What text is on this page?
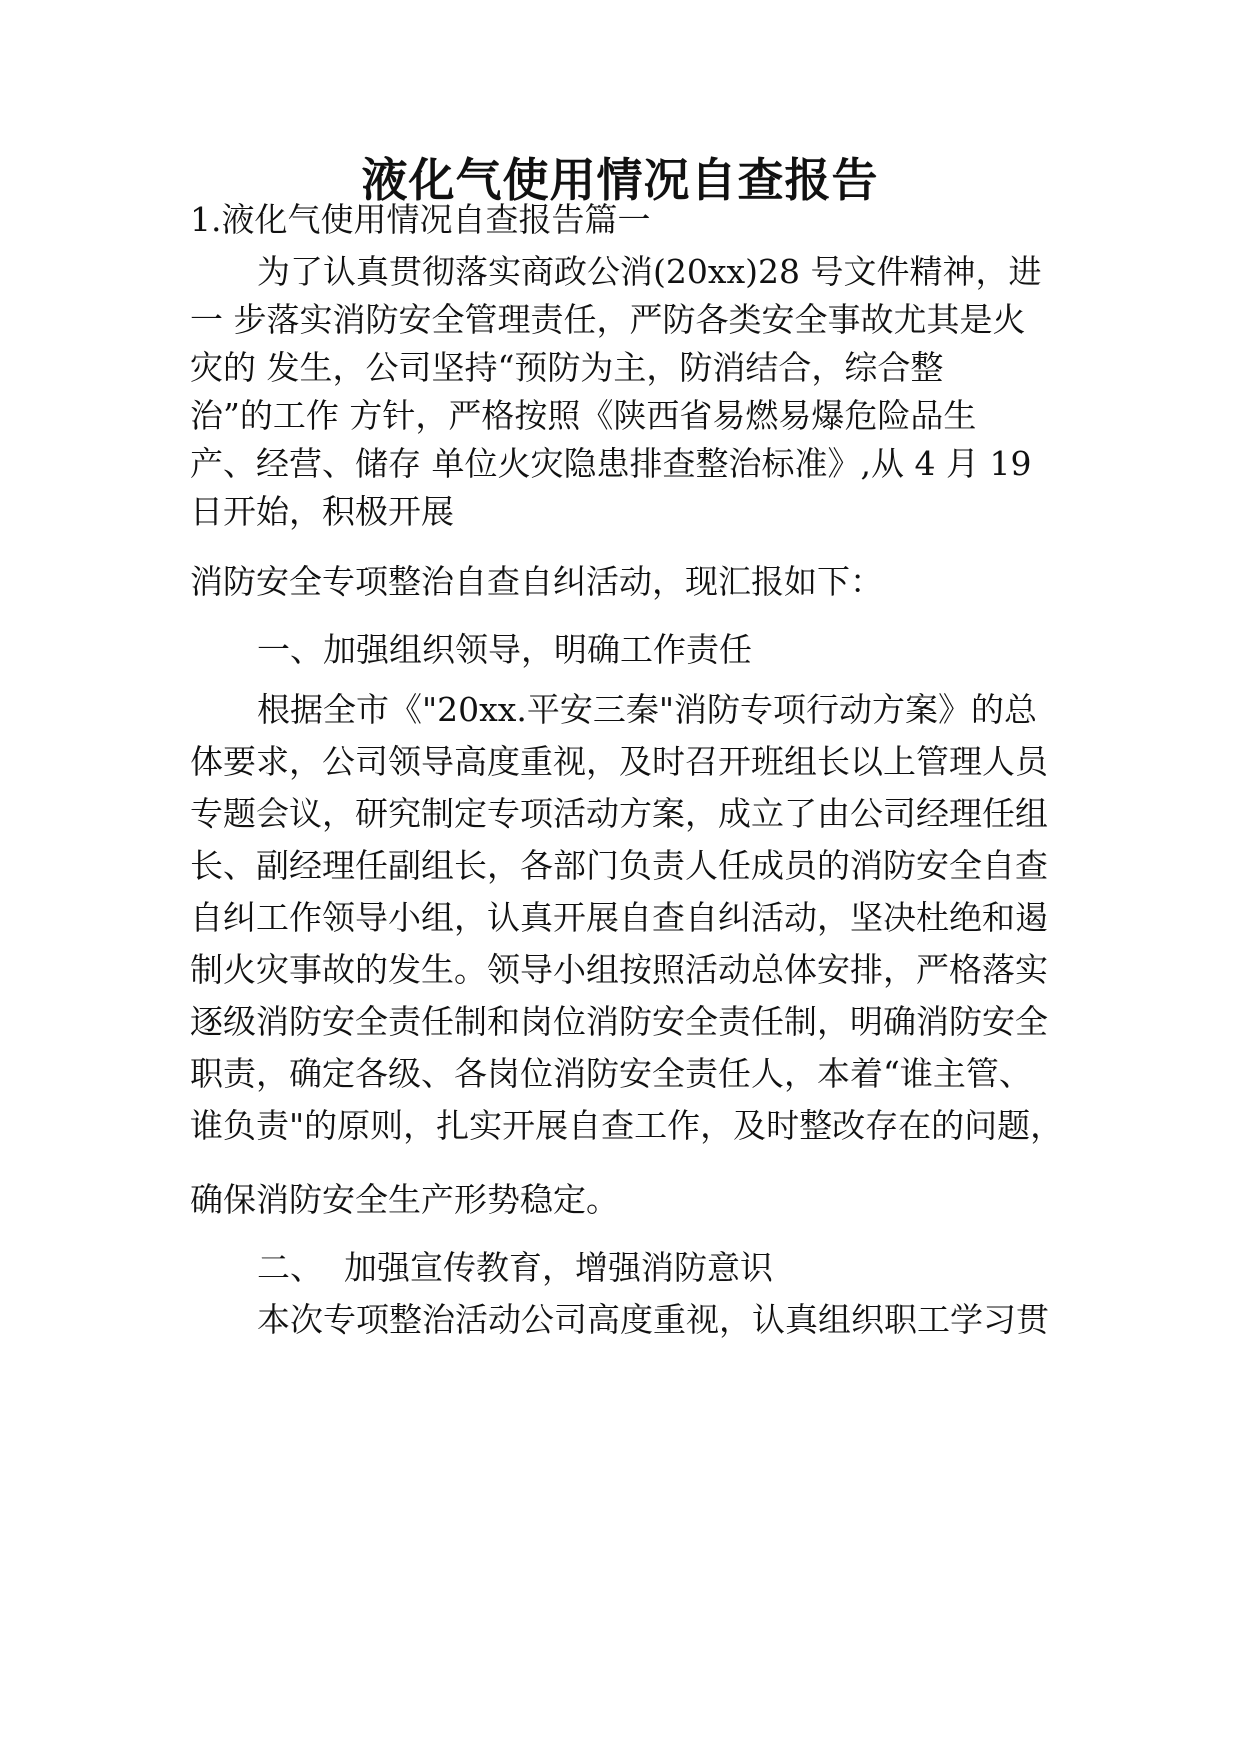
液化气使用情况自查报告
1.液化气使用情况自查报告篇一
为了认真贯彻落实商政公消(20xx)28 号文件精神，进
一 步落实消防安全管理责任，严防各类安全事故尤其是火
灾的 发生，公司坚持“预防为主，防消结合，综合整
治”的工作 方针，严格按照《陕西省易燃易爆危险品生
产、经营、储存 单位火灾隐患排查整治标准》,从 4 月 19
日开始，积极开展
消防安全专项整治自查自纠活动，现汇报如下：
一、加强组织领导，明确工作责任
根据全市《"20xx.平安三秦"消防专项行动方案》的总
体要求，公司领导高度重视，及时召开班组长以上管理人员
专题会议，研究制定专项活动方案，成立了由公司经理任组
长、副经理任副组长，各部门负责人任成员的消防安全自查
自纠工作领导小组，认真开展自查自纠活动，坚决杜绝和遏
制火灾事故的发生。领导小组按照活动总体安排，严格落实
逐级消防安全责任制和岗位消防安全责任制，明确消防安全
职责，确定各级、各岗位消防安全责任人，本着“谁主管、
谁负责"的原则，扎实开展自查工作，及时整改存在的问题，
确保消防安全生产形势稳定。
二、  加强宣传教育，增强消防意识
本次专项整治活动公司高度重视，认真组织职工学习贯
